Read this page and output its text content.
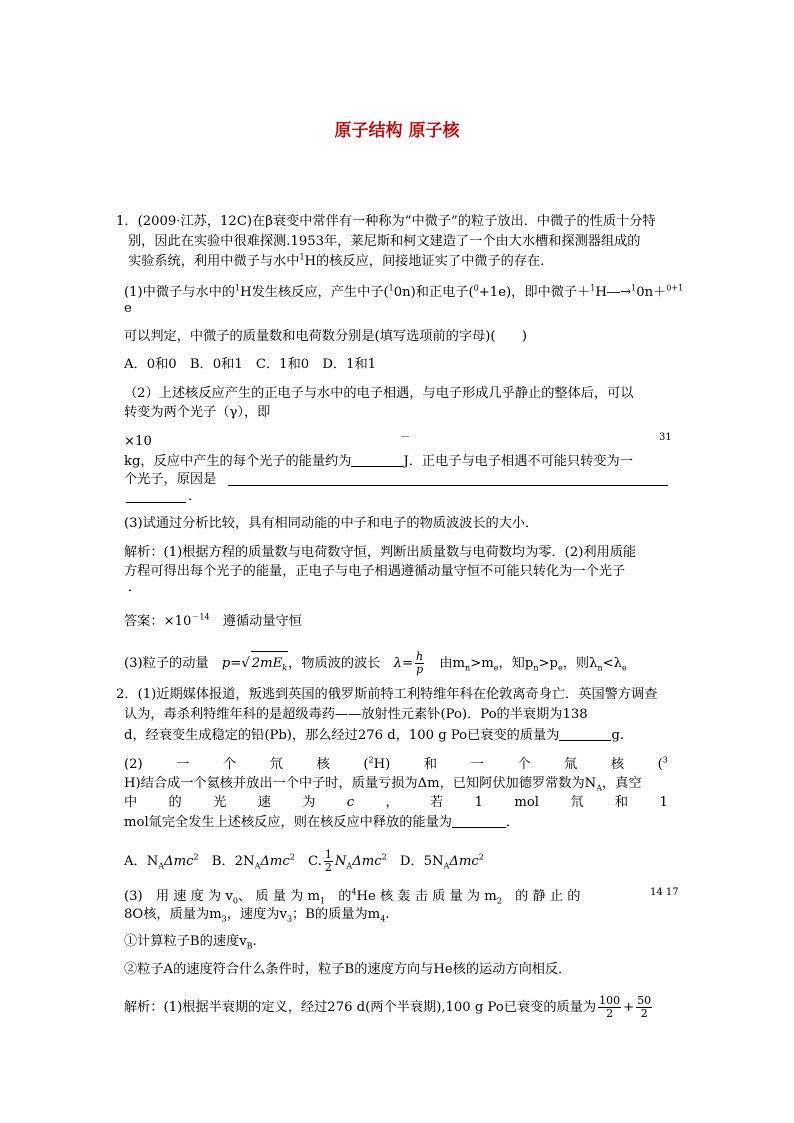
原子结构 原子核
1．(2009·江苏，12C)在β衰变中常伴有一种称为“中微子”的粒子放出．中微子的性质十分特
别，因此在实验中很难探测.1953年，莱尼斯和柯文建造了一个由大水槽和探测器组成的
实验系统，利用中微子与水中$^1$H的核反应，间接地证实了中微子的存在．
(1)中微子与水中的$^1$H发生核反应，产生中子($^1$0n)和正电子($^0$+1e)，即中微子＋$^1$H―→$^1$0n＋$^{0+1}$
e
可以判定，中微子的质量数和电荷数分别是(填写选项前的字母)(　　)
A．0和0　B．0和1　C．1和0　D．1和1
（2）上述核反应产生的正电子与水中的电子相遇，与电子形成几乎静止的整体后，可以
转变为两个光子（γ），即
×10	－	31
kg，反应中产生的每个光子的能量约为	J．正电子与电子相遇不可能只转变为一
个光子，原因是
．
(3)试通过分析比较，具有相同动能的中子和电子的物质波波长的大小．
解析：(1)根据方程的质量数与电荷数守恒，判断出质量数与电荷数均为零．(2)利用质能
方程可得出每个光子的能量，正电子与电子相遇遵循动量守恒不可能只转化为一个光子
．
答案：$\times 10^{-14}$　遵循动量守恒
(3)粒子的动量　 p=√ $2mE_k$，物质波的波长　 $\lambda= \frac{h}{p}$
　 由$m_n>m_e$，知$p_n>p_e$，则$\lambda_n<\lambda_e$
2．(1)近期媒体报道，叛逃到英国的俄罗斯前特工利特维年科在伦敦离奇身亡．英国警方调查
认为，毒杀利特维年科的是超级毒药——放射性元素钋(Po)．Po的半衰期为138
d，经衰变生成稳定的铅(Pb)，那么经过276 d，100 g Po已衰变的质量为	g.
(2)	一	个	氘	核	($^2$H)	和	一	个	氚	核	($^3$
H)结合成一个氦核并放出一个中子时，质量亏损为Δm，已知阿伏加德罗常数为$N_A$，真空
中 的 光 速 为 c ， 若 1 mol 氘 和 1
mol氚完全发生上述核反应，则在核反应中释放的能量为	．
A．$N_A\Delta mc^2$　B．$2N_A\Delta mc^2$　C. $\frac{1}{2} N_A\Delta mc^2$　D．$5N_A\Delta mc^2$
(3)　用 速 度 为 $v_0$、 质 量 为 $m_1$　 的$^4$He 核 轰 击 质 量 为 $m_2$　 的 静 止 的	14 17
8O核，质量为$m_3$，速度为$v_3$；B的质量为$m_4$.
①计算粒子B的速度$v_B$.
②粒子A的速度符合什么条件时，粒子B的速度方向与He核的运动方向相反．
解析：(1)根据半衰期的定义，经过276 d(两个半衰期),100 g Po已衰变的质量为 $\frac{100}{2} + \frac{50}{2}$
